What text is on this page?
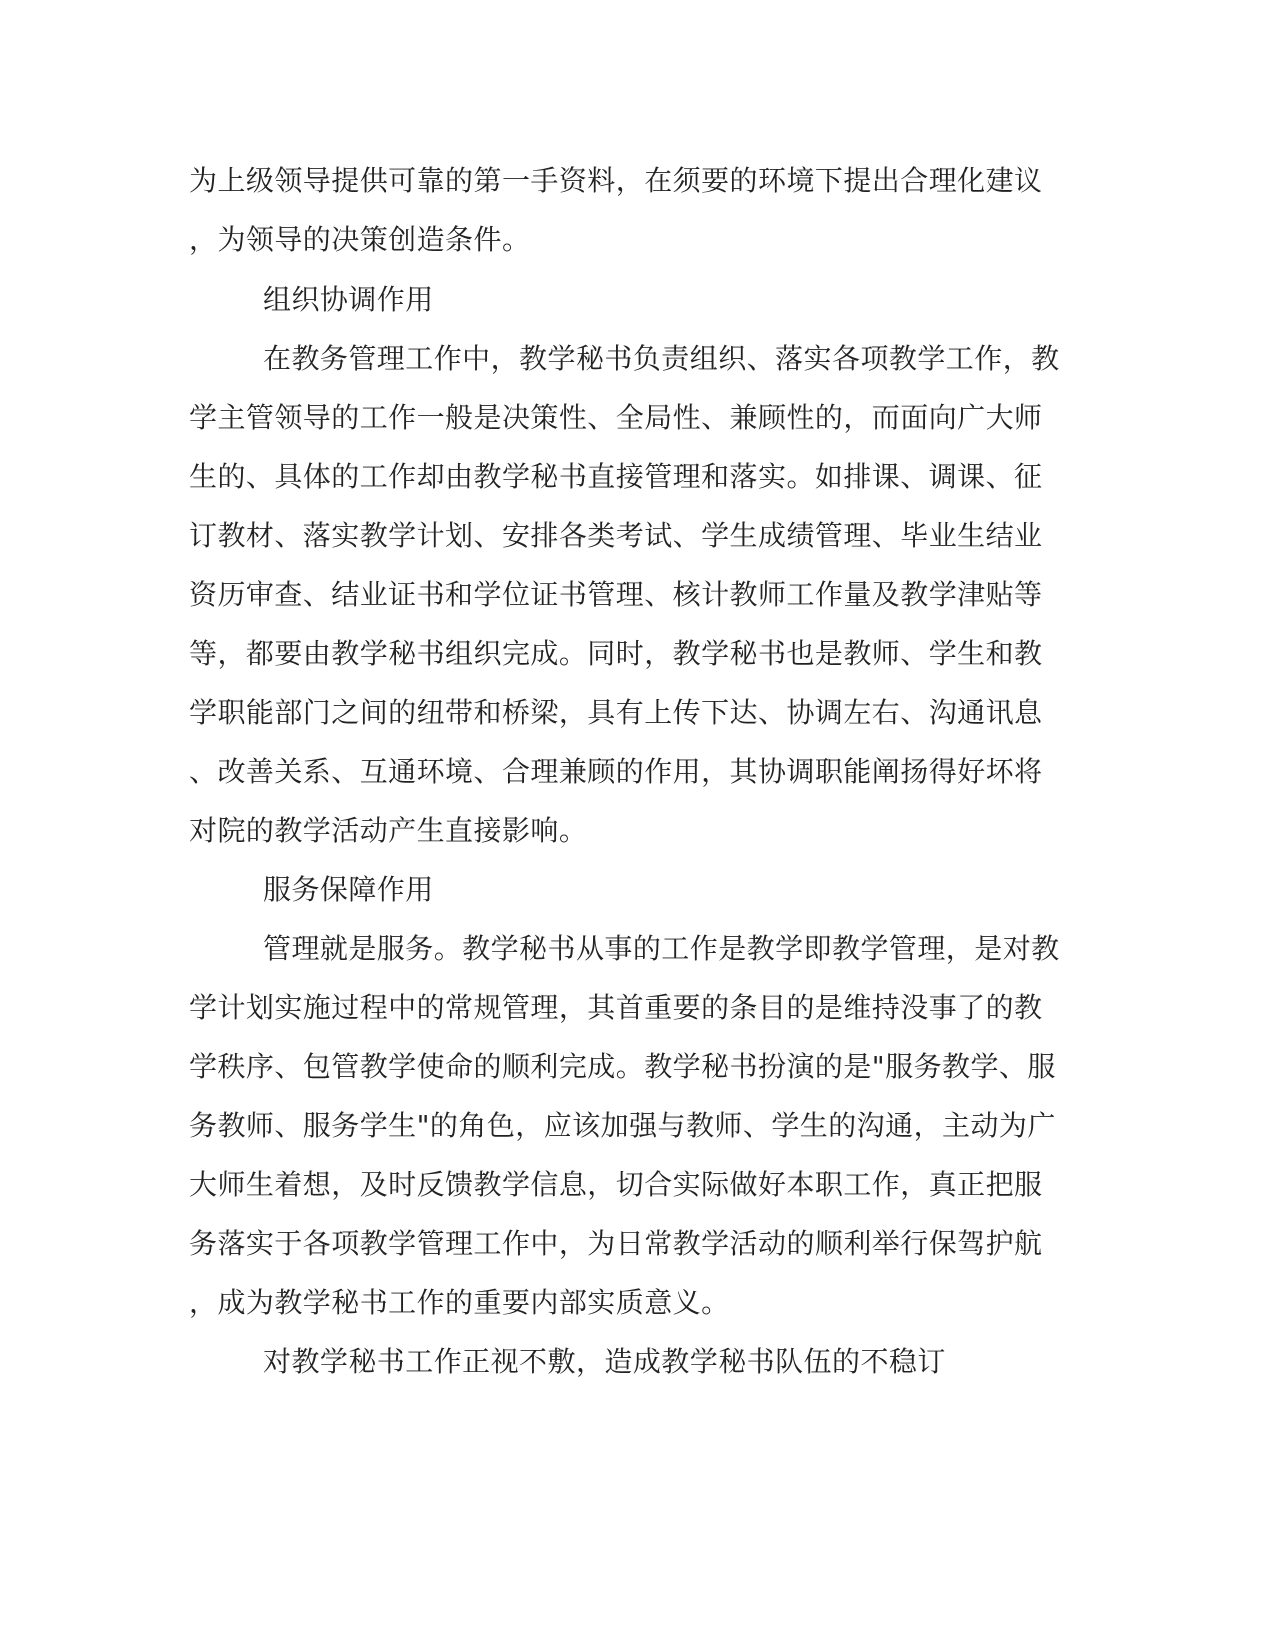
为上级领导提供可靠的第一手资料，在须要的环境下提出合理化建议

，为领导的决策创造条件。

组织协调作用

在教务管理工作中，教学秘书负责组织、落实各项教学工作，教

学主管领导的工作一般是决策性、全局性、兼顾性的，而面向广大师

生的、具体的工作却由教学秘书直接管理和落实。如排课、调课、征

订教材、落实教学计划、安排各类考试、学生成绩管理、毕业生结业

资历审查、结业证书和学位证书管理、核计教师工作量及教学津贴等

等，都要由教学秘书组织完成。同时，教学秘书也是教师、学生和教

学职能部门之间的纽带和桥梁，具有上传下达、协调左右、沟通讯息

、改善关系、互通环境、合理兼顾的作用，其协调职能阐扬得好坏将

对院的教学活动产生直接影响。

服务保障作用

管理就是服务。教学秘书从事的工作是教学即教学管理，是对教

学计划实施过程中的常规管理，其首重要的条目的是维持没事了的教

学秩序、包管教学使命的顺利完成。教学秘书扮演的是"服务教学、服

务教师、服务学生"的角色，应该加强与教师、学生的沟通，主动为广

大师生着想，及时反馈教学信息，切合实际做好本职工作，真正把服

务落实于各项教学管理工作中，为日常教学活动的顺利举行保驾护航

，成为教学秘书工作的重要内部实质意义。

对教学秘书工作正视不敷，造成教学秘书队伍的不稳订
